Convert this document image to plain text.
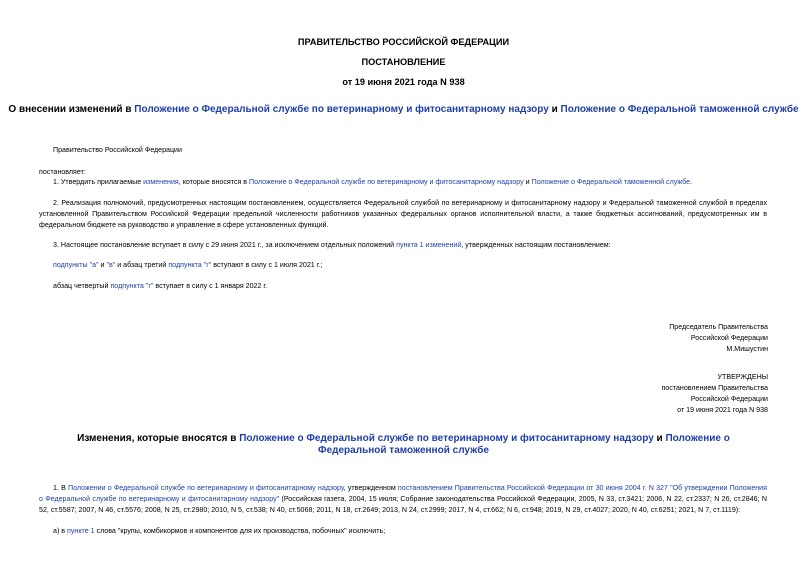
ПРАВИТЕЛЬСТВО РОССИЙСКОЙ ФЕДЕРАЦИИ
ПОСТАНОВЛЕНИЕ
от 19 июня 2021 года N 938
О внесении изменений в Положение о Федеральной службе по ветеринарному и фитосанитарному надзору и Положение о Федеральной таможенной службе
Правительство Российской Федерации
постановляет:
1. Утвердить прилагаемые изменения, которые вносятся в Положение о Федеральной службе по ветеринарному и фитосанитарному надзору и Положение о Федеральной таможенной службе.
2. Реализация полномочий, предусмотренных настоящим постановлением, осуществляется Федеральной службой по ветеринарному и фитосанитарному надзору и Федеральной таможенной службой в пределах установленной Правительством Российской Федерации предельной численности работников указанных федеральных органов исполнительной власти, а также бюджетных ассигнований, предусмотренных им в федеральном бюджете на руководство и управление в сфере установленных функций.
3. Настоящее постановление вступает в силу с 29 июня 2021 г., за исключением отдельных положений пункта 1 изменений, утвержденных настоящим постановлением:
подпункты "а" и "в" и абзац третий подпункта "г" вступают в силу с 1 июля 2021 г.;
абзац четвертый подпункта "г" вступает в силу с 1 января 2022 г.
Председатель Правительства
Российской Федерации
М.Мишустин
УТВЕРЖДЕНЫ
постановлением Правительства
Российской Федерации
от 19 июня 2021 года N 938
Изменения, которые вносятся в Положение о Федеральной службе по ветеринарному и фитосанитарному надзору и Положение о Федеральной таможенной службе
1. В Положении о Федеральной службе по ветеринарному и фитосанитарному надзору, утвержденном постановлением Правительства Российской Федерации от 30 июня 2004 г. N 327 "Об утверждении Положения о Федеральной службе по ветеринарному и фитосанитарному надзору" (Российская газета, 2004, 15 июля; Собрание законодательства Российской Федерации, 2005, N 33, ст.3421; 2006, N 22, ст.2337; N 26, ст.2846; N 52, ст.5587; 2007, N 46, ст.5576; 2008, N 25, ст.2980; 2010, N 5, ст.538; N 40, ст.5068; 2011, N 18, ст.2649; 2013, N 24, ст.2999; 2017, N 4, ст.662; N 6, ст.948; 2019, N 29, ст.4027; 2020, N 40, ст.6251; 2021, N 7, ст.1119):
а) в пункте 1 слова "крупы, комбикормов и компонентов для их производства, побочных" исключить;
